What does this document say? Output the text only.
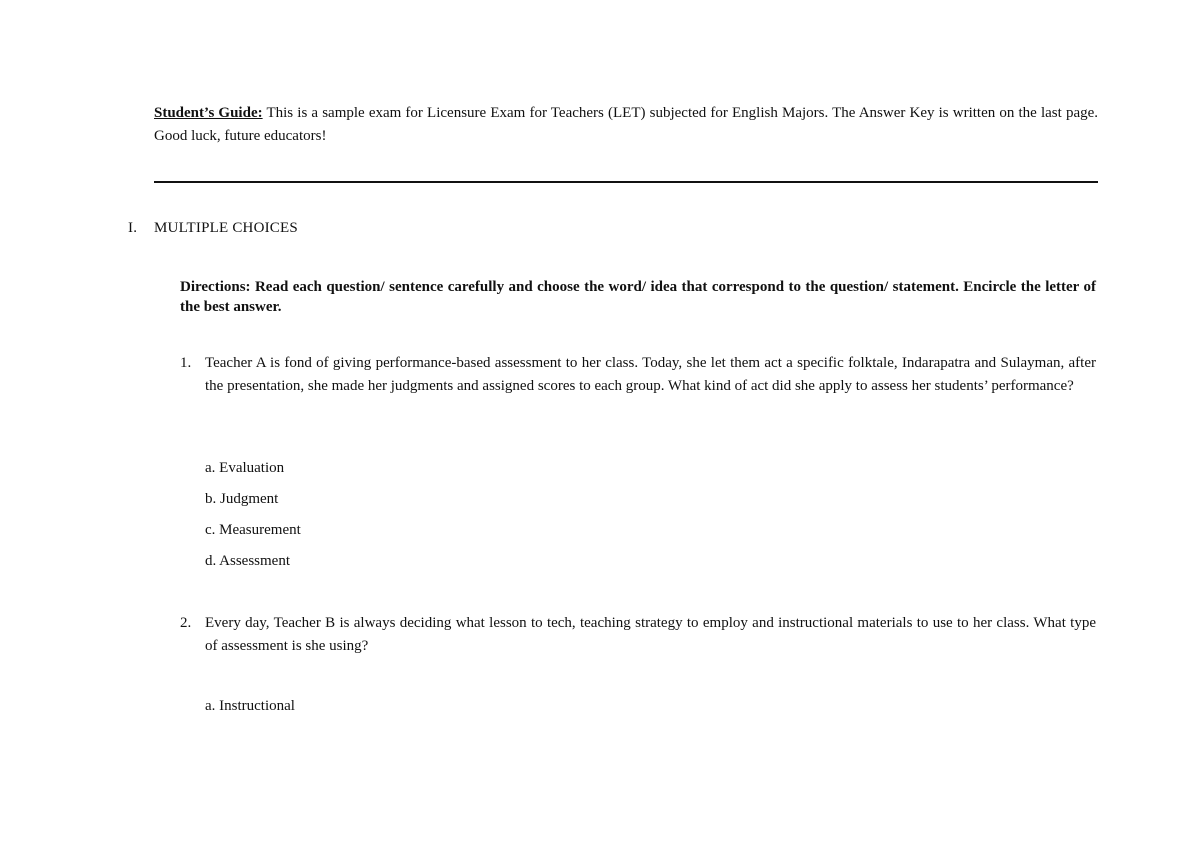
Student’s Guide: This is a sample exam for Licensure Exam for Teachers (LET) subjected for English Majors. The Answer Key is written on the last page. Good luck, future educators!

I. MULTIPLE CHOICES

Directions: Read each question/ sentence carefully and choose the word/ idea that correspond to the question/ statement. Encircle the letter of the best answer.

1. Teacher A is fond of giving performance-based assessment to her class. Today, she let them act a specific folktale, Indarapatra and Sulayman, after the presentation, she made her judgments and assigned scores to each group. What kind of act did she apply to assess her students’ performance?

a. Evaluation
b. Judgment
c. Measurement
d. Assessment
2. Every day, Teacher B is always deciding what lesson to tech, teaching strategy to employ and instructional materials to use to her class. What type of assessment is she using?

a. Instructional
